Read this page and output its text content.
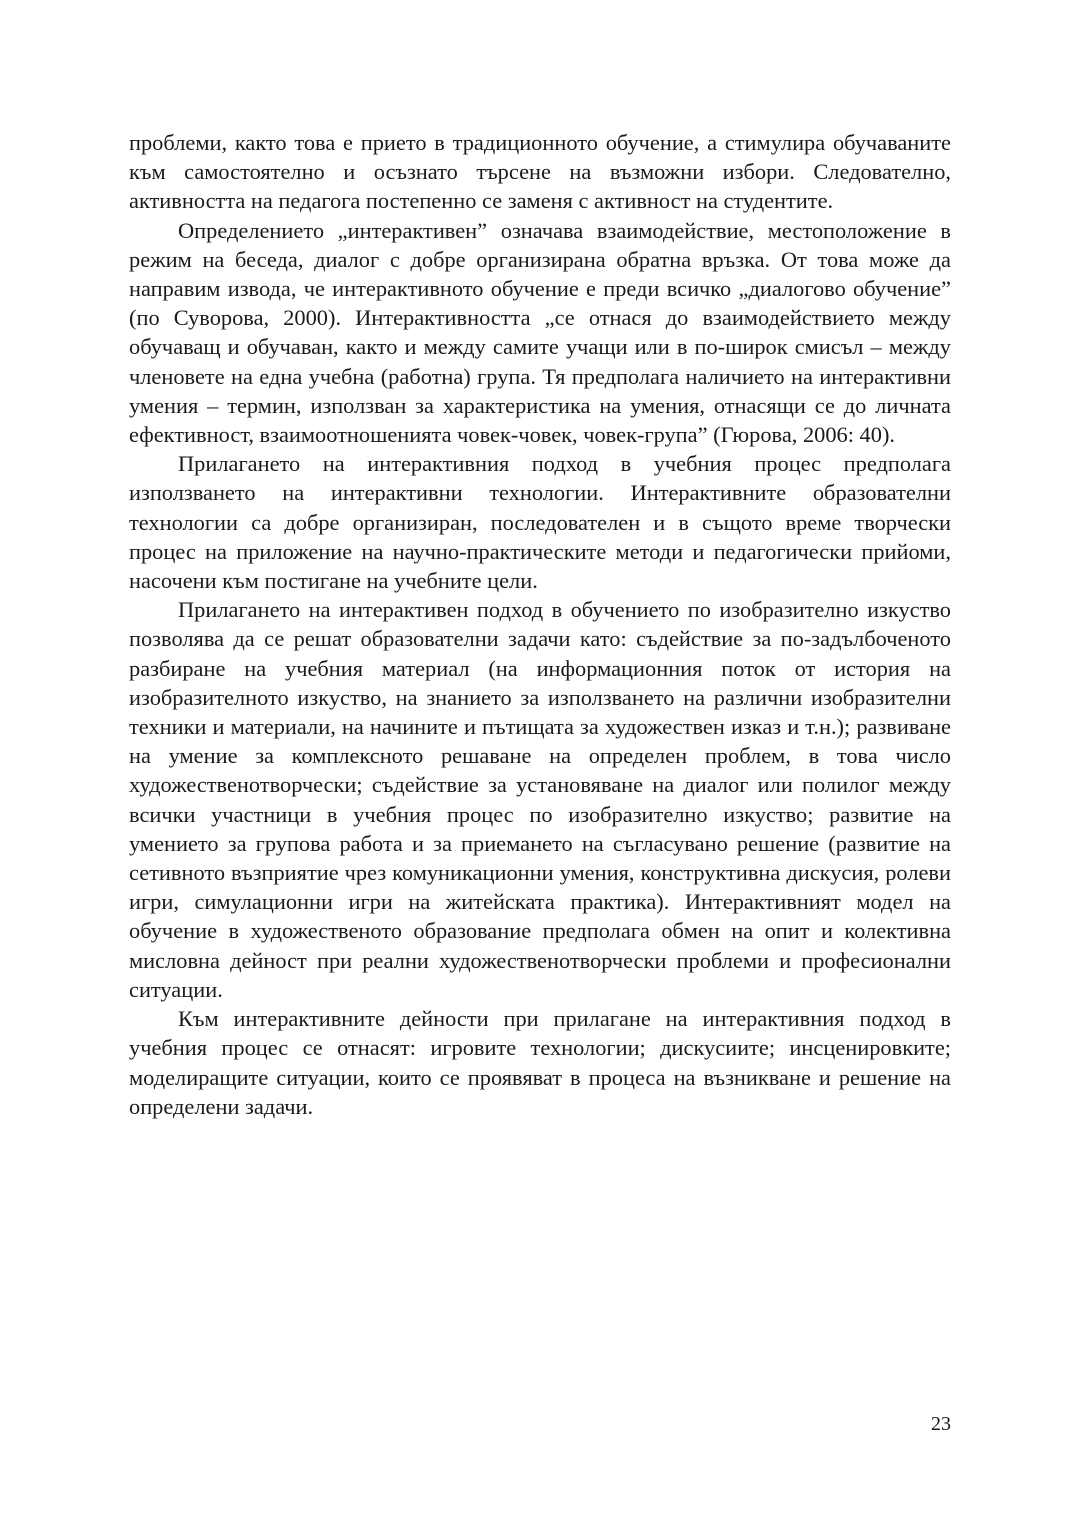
проблеми, както това е прието в традиционното обучение, а стимулира обучаваните към самостоятелно и осъзнато търсене на възможни избори. Следователно, активността на педагога постепенно се заменя с активност на студентите.

Определението „интерактивен” означава взаимодействие, местоположение в режим на беседа, диалог с добре организирана обратна връзка. От това може да направим извода, че интерактивното обучение е преди всичко „диалогово обучение” (по Суворова, 2000). Интерактивността „се отнася до взаимодействието между обучаващ и обучаван, както и между самите учащи или в по-широк смисъл – между членовете на една учебна (работна) група. Тя предполага наличието на интерактивни умения – термин, използван за характеристика на умения, отнасящи се до личната ефективност, взаимоотношенията човек-човек, човек-група” (Гюрова, 2006: 40).

Прилагането на интерактивния подход в учебния процес предполага използването на интерактивни технологии. Интерактивните образователни технологии са добре организиран, последователен и в същото време творчески процес на приложение на научно-практическите методи и педагогически прийоми, насочени към постигане на учебните цели.

Прилагането на интерактивен подход в обучението по изобразително изкуство позволява да се решат образователни задачи като: съдействие за по-задълбоченото разбиране на учебния материал (на информационния поток от история на изобразителното изкуство, на знанието за използването на различни изобразителни техники и материали, на начините и пътищата за художествен изказ и т.н.); развиване на умение за комплексното решаване на определен проблем, в това число художественотворчески; съдействие за установяване на диалог или полилог между всички участници в учебния процес по изобразително изкуство; развитие на умението за групова работа и за приемането на съгласувано решение (развитие на сетивното възприятие чрез комуникационни умения, конструктивна дискусия, ролеви игри, симулационни игри на житейската практика). Интерактивният модел на обучение в художественото образование предполага обмен на опит и колективна мисловна дейност при реални художественотворчески проблеми и професионални ситуации.

Към интерактивните дейности при прилагане на интерактивния подход в учебния процес се отнасят: игровите технологии; дискусиите; инсценировките; моделиращите ситуации, които се проявяват в процеса на възникване и решение на определени задачи.

23
